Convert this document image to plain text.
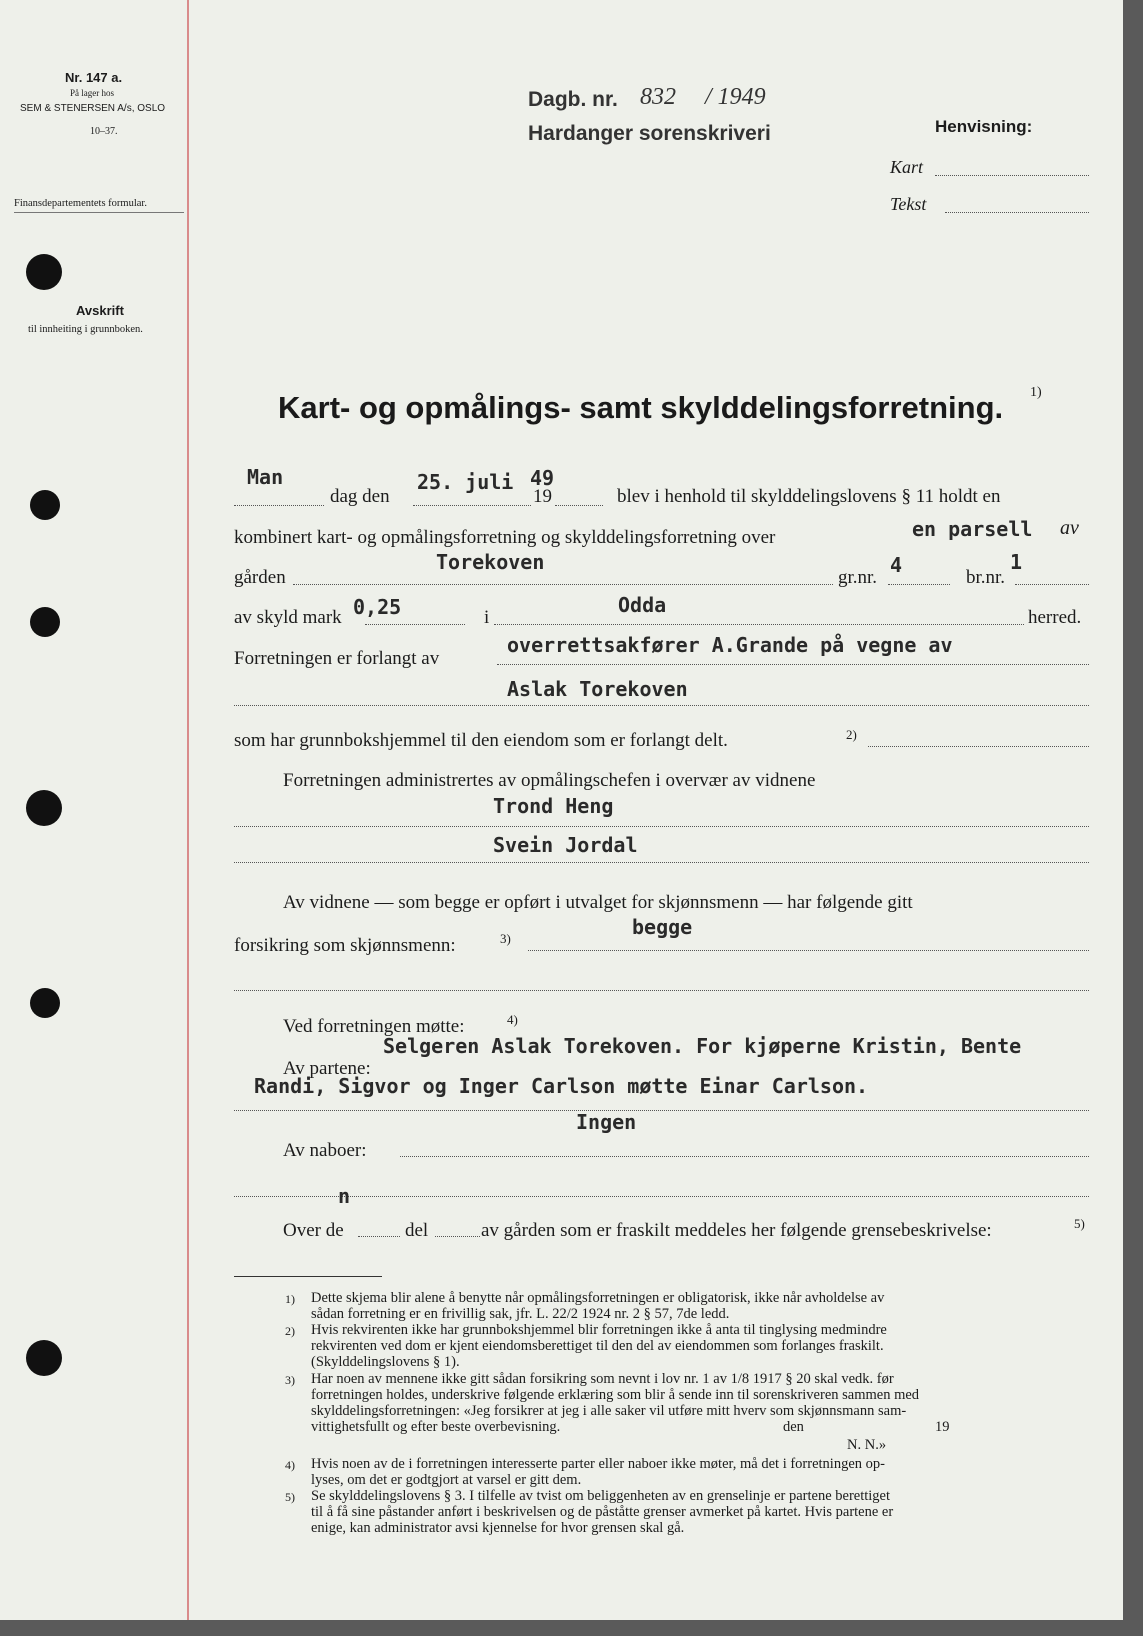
Nr. 147 a.
På lager hos
SEM & STENERSEN A/s, OSLO
10–37.
Finansdepartementets formular.
Avskrift
til innheiting i grunnboken.
Dagb. nr. 832 / 1949
Hardanger sorenskriveri	Henvisning:
Kart
Tekst
Kart- og opmålings- samt skylddelingsforretning. 1)
Man
dag den
25. juli
19
49
blev i henhold til skylddelingslovens § 11 holdt en
kombinert kart- og opmålingsforretning og skylddelingsforretning over	en parsell av
Torekoven
gården	gr.nr.
4
br.nr.
1
av skyld mark 0,25	i
Odda
herred.
Forretningen er forlangt av
overrettsakfører A.Grande på vegne av
Aslak Torekoven
som har grunnbokshjemmel til den eiendom som er forlangt delt.	2)
Forretningen administrertes av opmålingschefen i overvær av vidnene
Trond Heng
Svein Jordal
Av vidnene — som begge er opført i utvalget for skjønnsmenn — har følgende gitt
forsikring som skjønnsmenn:	3)	begge
Ved forretningen møtte:	4)
Selgeren Aslak Torekoven. For kjøperne Kristin, Bente
Av partene:
Randi, Sigvor og Inger Carlson møtte Einar Carlson.
Ingen
Av naboer:
n
Over de	del	av gården som er fraskilt meddeles her følgende grensebeskrivelse:	5)
1) Dette skjema blir alene å benytte når opmålingsforretningen er obligatorisk, ikke når avholdelse av
sådan forretning er en frivillig sak, jfr. L. 22/2 1924 nr. 2 § 57, 7de ledd.
2) Hvis rekvirenten ikke har grunnbokshjemmel blir forretningen ikke å anta til tinglysing medmindre
rekvirenten ved dom er kjent eiendomsberettiget til den del av eiendommen som forlanges fraskilt.
(Skylddelingslovens § 1).
3) Har noen av mennene ikke gitt sådan forsikring som nevnt i lov nr. 1 av 1/8 1917 § 20 skal vedk. før
forretningen holdes, underskrive følgende erklæring som blir å sende inn til sorenskriveren sammen med
skylddelingsforretningen: «Jeg forsikrer at jeg i alle saker vil utføre mitt hverv som skjønnsmann sam-
vittighetsfullt og efter beste overbevisning.	den	19
N. N.»
4) Hvis noen av de i forretningen interesserte parter eller naboer ikke møter, må det i forretningen op-
lyses, om det er godtgjort at varsel er gitt dem.
5) Se skylddelingslovens § 3. I tilfelle av tvist om beliggenheten av en grenselinje er partene berettiget
til å få sine påstander anført i beskrivelsen og de påståtte grenser avmerket på kartet. Hvis partene er
enige, kan administrator avsi kjennelse for hvor grensen skal gå.
